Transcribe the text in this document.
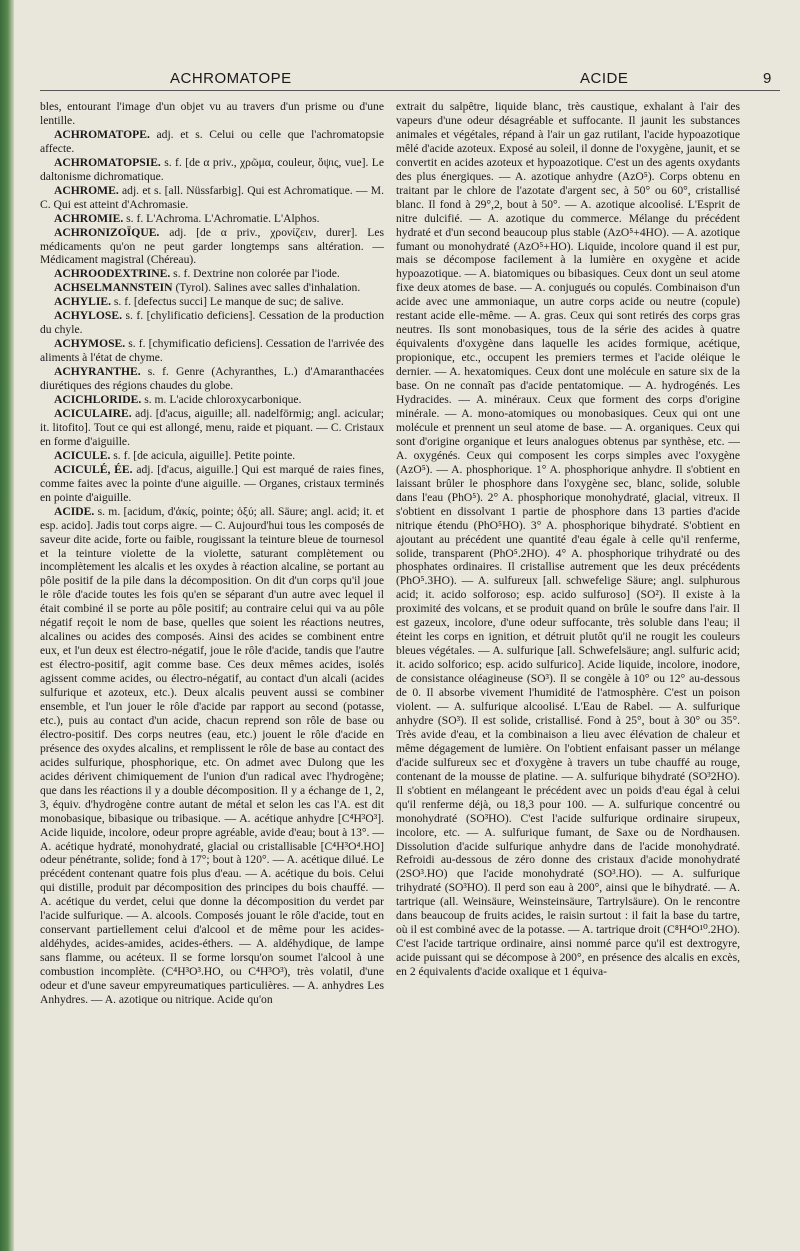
ACHROMATOPE	ACIDE	9

bles, entourant l'image d'un objet vu au travers d'un prisme ou d'une lentille.

ACHROMATOPE. adj. et s. Celui ou celle que l'achromatopsie affecte.

ACHROMATOPSIE. s. f. [de α priv., χρῶμα, couleur, ὄψις, vue]. Le daltonisme dichromatique.

ACHROME. adj. et s. [all. Nüssfarbig]. Qui est Achromatique. — M. C. Qui est atteint d'Achromasie.

ACHROMIE. s. f. L'Achroma. L'Achromatie. L'Alphos.

ACHRONIZOÏQUE. adj. [de α priv., χρονίζειν, durer]. Les médicaments qu'on ne peut garder longtemps sans altération. — Médicament magistral (Chéreau).

ACHROODEXTRINE. s. f. Dextrine non colorée par l'iode.

ACHSELMANNSTEIN (Tyrol). Salines avec salles d'inhalation.

ACHYLIE. s. f. [defectus succi] Le manque de suc; de salive.

ACHYLOSE. s. f. [chylificatio deficiens]. Cessation de la production du chyle.

ACHYMOSE. s. f. [chymificatio deficiens]. Cessation de l'arrivée des aliments à l'état de chyme.

ACHYRANTHE. s. f. Genre (Achyranthes, L.) d'Amaranthacées diurétiques des régions chaudes du globe.

ACICHLORIDE. s. m. L'acide chloroxycarbonique.

ACICULAIRE. adj. [d'acus, aiguille; all. nadelförmig; angl. acicular; it. litofito]. Tout ce qui est allongé, menu, raide et piquant. — C. Cristaux en forme d'aiguille.

ACICULE. s. f. [de acicula, aiguille]. Petite pointe.

ACICULÉ, ÉE. adj. [d'acus, aiguille.] Qui est marqué de raies fines, comme faites avec la pointe d'une aiguille. — Organes, cristaux terminés en pointe d'aiguille.

ACIDE. s. m. [acidum, d'ἀκίς, pointe; ὀξύ; all. Säure; angl. acid; it. et esp. acido]. Jadis tout corps aigre. — C. Aujourd'hui tous les composés de saveur dite acide, forte ou faible, rougissant la teinture bleue de tournesol et la teinture violette de la violette, saturant complètement ou incomplètement les alcalis et les oxydes à réaction alcaline, se portant au pôle positif de la pile dans la décomposition. On dit d'un corps qu'il joue le rôle d'acide toutes les fois qu'en se séparant d'un autre avec lequel il était combiné il se porte au pôle positif; au contraire celui qui va au pôle négatif reçoit le nom de base, quelles que soient les réactions neutres, alcalines ou acides des composés. Ainsi des acides se combinent entre eux, et l'un deux est électro-négatif, joue le rôle d'acide, tandis que l'autre est électro-positif, agit comme base. Ces deux mêmes acides, isolés agissent comme acides, ou électro-négatif, au contact d'un alcali (acides sulfurique et azoteux, etc.). Deux alcalis peuvent aussi se combiner ensemble, et l'un jouer le rôle d'acide par rapport au second (potasse, etc.), puis au contact d'un acide, chacun reprend son rôle de base ou électro-positif. Des corps neutres (eau, etc.) jouent le rôle d'acide en présence des oxydes alcalins, et remplissent le rôle de base au contact des acides sulfurique, phosphorique, etc. On admet avec Dulong que les acides dérivent chimiquement de l'union d'un radical avec l'hydrogène; que dans les réactions il y a double décomposition. Il y a échange de 1, 2, 3, équiv. d'hydrogène contre autant de métal et selon les cas l'A. est dit monobasique, bibasique ou tribasique. — A. acétique anhydre [C⁴H³O³]. Acide liquide, incolore, odeur propre agréable, avide d'eau; bout à 13°. — A. acétique hydraté, monohydraté, glacial ou cristallisable [C⁴H³O⁴.HO] odeur pénétrante, solide; fond à 17°; bout à 120°. — A. acétique dilué. Le précédent contenant quatre fois plus d'eau. — A. acétique du bois. Celui qui distille, produit par décomposition des principes du bois chauffé. — A. acétique du verdet, celui que donne la décomposition du verdet par l'acide sulfurique. — A. alcools. Composés jouant le rôle d'acide, tout en conservant partiellement celui d'alcool et de même pour les acides-aldéhydes, acides-amides, acides-éthers. — A. aldéhydique, de lampe sans flamme, ou acéteux. Il se forme lorsqu'on soumet l'alcool à une combustion incomplète. (C⁴H³O³.HO, ou C⁴H³O³), très volatil, d'une odeur et d'une saveur empyreumatiques particulières. — A. anhydres Les Anhydres. — A. azotique ou nitrique. Acide qu'on

extrait du salpêtre, liquide blanc, très caustique, exhalant à l'air des vapeurs d'une odeur désagréable et suffocante. Il jaunit les substances animales et végétales, répand à l'air un gaz rutilant, l'acide hypoazotique mêlé d'acide azoteux. Exposé au soleil, il donne de l'oxygène, jaunit, et se convertit en acides azoteux et hypoazotique. C'est un des agents oxydants des plus énergiques. — A. azotique anhydre (AzO⁵). Corps obtenu en traitant par le chlore de l'azotate d'argent sec, à 50° ou 60°, cristallisé blanc. Il fond à 29°,2, bout à 50°. — A. azotique alcoolisé. L'Esprit de nitre dulcifié. — A. azotique du commerce. Mélange du précédent hydraté et d'un second beaucoup plus stable (AzO⁵+4HO). — A. azotique fumant ou monohydraté (AzO⁵+HO). Liquide, incolore quand il est pur, mais se décompose facilement à la lumière en oxygène et acide hypoazotique. — A. biatomiques ou bibasiques. Ceux dont un seul atome fixe deux atomes de base. — A. conjugués ou copulés. Combinaison d'un acide avec une ammoniaque, un autre corps acide ou neutre (copule) restant acide elle-même. — A. gras. Ceux qui sont retirés des corps gras neutres. Ils sont monobasiques, tous de la série des acides à quatre équivalents d'oxygène dans laquelle les acides formique, acétique, propionique, etc., occupent les premiers termes et l'acide oléique le dernier. — A. hexatomiques. Ceux dont une molécule en sature six de la base. On ne connaît pas d'acide pentatomique. — A. hydrogénés. Les Hydracides. — A. minéraux. Ceux que forment des corps d'origine minérale. — A. mono-atomiques ou monobasiques. Ceux qui ont une molécule et prennent un seul atome de base. — A. organiques. Ceux qui sont d'origine organique et leurs analogues obtenus par synthèse, etc. — A. oxygénés. Ceux qui composent les corps simples avec l'oxygène (AzO⁵). — A. phosphorique. 1° A. phosphorique anhydre. Il s'obtient en laissant brûler le phosphore dans l'oxygène sec, blanc, solide, soluble dans l'eau (PhO⁵). 2° A. phosphorique monohydraté, glacial, vitreux. Il s'obtient en dissolvant 1 partie de phosphore dans 13 parties d'acide nitrique étendu (PhO⁵HO). 3° A. phosphorique bihydraté. S'obtient en ajoutant au précédent une quantité d'eau égale à celle qu'il renferme, solide, transparent (PhO⁵.2HO). 4° A. phosphorique trihydraté ou des phosphates ordinaires. Il cristallise autrement que les deux précédents (PhO⁵.3HO). — A. sulfureux [all. schwefelige Säure; angl. sulphurous acid; it. acido solforoso; esp. acido sulfuroso] (SO²). Il existe à la proximité des volcans, et se produit quand on brûle le soufre dans l'air. Il est gazeux, incolore, d'une odeur suffocante, très soluble dans l'eau; il éteint les corps en ignition, et détruit plutôt qu'il ne rougit les couleurs bleues végétales. — A. sulfurique [all. Schwefelsäure; angl. sulfuric acid; it. acido solforico; esp. acido sulfurico]. Acide liquide, incolore, inodore, de consistance oléagineuse (SO³). Il se congèle à 10° ou 12° au-dessous de 0. Il absorbe vivement l'humidité de l'atmosphère. C'est un poison violent. — A. sulfurique alcoolisé. L'Eau de Rabel. — A. sulfurique anhydre (SO³). Il est solide, cristallisé. Fond à 25°, bout à 30° ou 35°. Très avide d'eau, et la combinaison a lieu avec élévation de chaleur et même dégagement de lumière. On l'obtient enfaisant passer un mélange d'acide sulfureux sec et d'oxygène à travers un tube chauffé au rouge, contenant de la mousse de platine. — A. sulfurique bihydraté (SO³2HO). Il s'obtient en mélangeant le précédent avec un poids d'eau égal à celui qu'il renferme déjà, ou 18,3 pour 100. — A. sulfurique concentré ou monohydraté (SO³HO). C'est l'acide sulfurique ordinaire sirupeux, incolore, etc. — A. sulfurique fumant, de Saxe ou de Nordhausen. Dissolution d'acide sulfurique anhydre dans de l'acide monohydraté. Refroidi au-dessous de zéro donne des cristaux d'acide monohydraté (2SO³.HO) que l'acide monohydraté (SO³.HO). — A. sulfurique trihydraté (SO³HO). Il perd son eau à 200°, ainsi que le bihydraté. — A. tartrique (all. Weinsäure, Weinsteinsäure, Tartrylsäure). On le rencontre dans beaucoup de fruits acides, le raisin surtout : il fait la base du tartre, où il est combiné avec de la potasse. — A. tartrique droit (C⁸H⁴O¹⁰.2HO). C'est l'acide tartrique ordinaire, ainsi nommé parce qu'il est dextrogyre, acide puissant qui se décompose à 200°, en présence des alcalis en excès, en 2 équivalents d'acide oxalique et 1 équiva-
